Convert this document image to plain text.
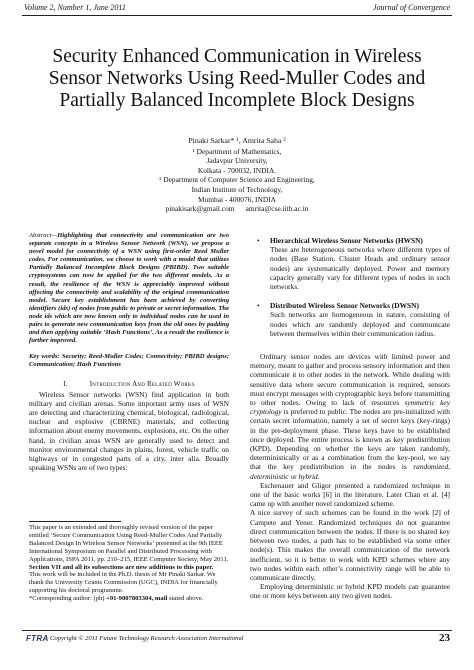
Volume 2, Number 1, June 2011	Journal of Convergence
Security Enhanced Communication in Wireless
Sensor Networks Using Reed-Muller Codes and
Partially Balanced Incomplete Block Designs
Pinaki Sarkar* ¹, Amrita Saha ²
¹ Department of Mathematics,
Jadavpur University,
Kolkata - 700032, INDIA.
² Department of Computer Science and Engineering,
Indian Institute of Technology,
Mumbai - 400076, INDIA
pinakisark@gmail.com      amrita@cse.iitb.ac.in
Abstract—Highlighting that connectivity and communication are two separate concepts in a Wireless Sensor Network (WSN), we propose a novel model for connectivity of a WSN using first-order Reed Muller codes. For communication, we choose to work with a model that utilizes Partially Balanced Incomplete Block Designs (PBIBD). Two suitable cryptosystems can now be applied for the two different models. As a result, the resilience of the WSN is appreciably improved without affecting the connectivity and scalability of the original communication model. Secure key establishment has been achieved by converting identifiers (ids) of nodes from public to private or secret information. The node ids which are now known only to individual nodes can be used in pairs to generate new communication keys from the old ones by padding and then applying suitable ‘Hash Functions’. As a result the resilience is further improved.
Key words: Security; Reed-Muller Codes; Connectivity; PBIBD designs; Communication; Hash Functions
I.	Introduction And Related Works

Wireless Sensor networks (WSN) find application in both military and civilian arenas. Some important army uses of WSN are detecting and characterizing chemical, biological, radiological, nuclear and explosive (CBRNE) materials, and collecting information about enemy movements, explosions, etc. On the other hand, in civilian areas WSN are generally used to detect and monitor environmental changes in plains, forest, vehicle traffic on highways or in congested parts of a city, inter alia. Broadly speaking WSNs are of two types:

This paper is an extended and thoroughly revised version of the paper entitled ‘Secure Communication Using Reed-Muller Codes And Partially Balanced Design In Wireless Sensor Networks’ presented at the 9th IEEE International Symposium on Parallel and Distributed Processing with Applications, ISPA 2011, pp. 210–215, IEEE Computer Society, May 2011. Section VII and all its subsections are new additions to this paper.
This work will be included in the Ph.D. thesis of Mr Pinaki Sarkar. We thank the University Grants Commission (UGC), INDIA for financially supporting his doctoral programme.
*Corresponding author: (ph) +91-9007803304, mail stated above.
• Hierarchical Wireless Sensor Networks (HWSN)
These are heterogeneous networks where different types of nodes (Base Station, Cluster Heads and ordinary sensor nodes) are systematically deployed. Power and memory capacity generally vary for different types of nodes in such networks.
• Distributed Wireless Sensor Networks (DWSN)
Such networks are homogeneous in nature, consisting of nodes which are randomly deployed and communicate between themselves within their communication radius.

Ordinary sensor nodes are devices with limited power and memory, meant to gather and process sensory information and then communicate it to other nodes in the network. While dealing with sensitive data where secure communication is required, sensors must encrypt messages with cryptographic keys before transmitting to other nodes. Owing to lack of resources symmetric key cryptology is preferred to public. The nodes are pre-initialized with certain secret information, namely a set of secret keys (key-rings) in the pre-deployment phase. These keys have to be established once deployed. The entire process is known as key predistribution (KPD). Depending on whether the keys are taken randomly, deterministically or as a combination from the key-pool, we say that the key predistribution in the nodes is randomized, deterministic or hybrid.

Eschenauer and Gligor presented a randomized technique in one of the basic works [6] in the literature. Later Chan et al. [4] came up with another novel randomized scheme.

A nice survey of such schemes can be found in the work [2] of Campete and Yener. Randomized techniques do not guarantee direct communication between the nodes. If there is no shared key between two nodes, a path has to be established via some other node(s). This makes the overall communication of the network inefficient, so it is better to work with KPD schemes where any two nodes within each other’s connectivity range will be able to communicate directly.

Employing deterministic or hybrid KPD models can guarantee one or more keys between any two given nodes.

FTRA Copyright © 2011 Future Technology Research Association International	23
